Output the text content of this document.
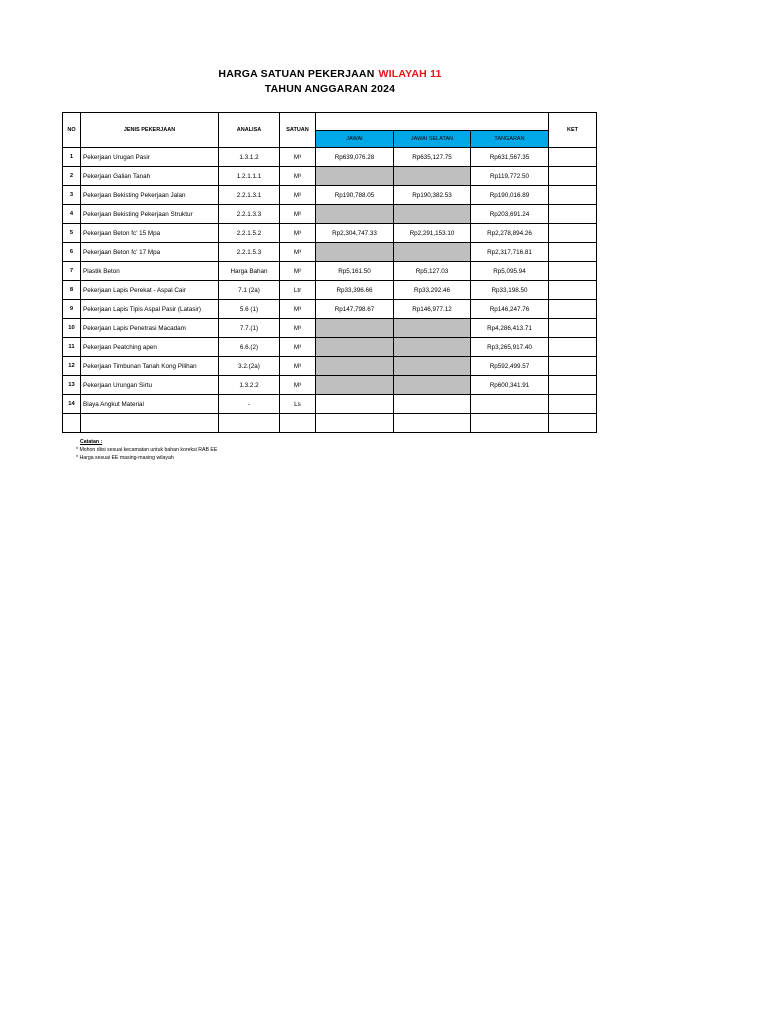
HARGA SATUAN PEKERJAAN WILAYAH 11
TAHUN ANGGARAN 2024
NO	JENIS PEKERJAAN	ANALISA	SATUAN				KET
				JAWAI	JAWAI SELATAN	TANGARAN	
1	Pekerjaan Urugan Pasir	1.3.1.2	M³	Rp639,076.28	Rp635,127.75	Rp631,567.35	
2	Pekerjaan Galian Tanah	1.2.1.1.1	M³			Rp119,772.50	
3	Pekerjaan Bekisting Pekerjaan Jalan	2.2.1.3.1	M²	Rp190,788.05	Rp190,382.53	Rp190,016.89	
4	Pekerjaan Bekisting Pekerjaan Struktur	2.2.1.3.3	M²			Rp203,691.24	
5	Pekerjaan Beton fc' 15 Mpa	2.2.1.5.2	M³	Rp2,304,747.33	Rp2,291,153.10	Rp2,278,894.26	
6	Pekerjaan Beton fc' 17 Mpa	2.2.1.5.3	M³			Rp2,317,716.81	
7	Plastik Beton	Harga Bahan	M²	Rp5,161.50	Rp5,127.03	Rp5,095.94	
8	Pekerjaan Lapis Perekat - Aspal Cair	7.1 (2a)	Ltr	Rp33,396.66	Rp33,292.46	Rp33,198.50	
9	Pekerjaan Lapis Tipis Aspal Pasir (Latasir)	5.6 (1)	M³	Rp147,798.67	Rp146,977.12	Rp146,247.76	
10	Pekerjaan Lapis Penetrasi Macadam	7.7.(1)	M³			Rp4,286,413.71	
11	Pekerjaan Peatching apen	6.6.(2)	M³			Rp3,265,917.40	
12	Pekerjaan Timbunan Tanah Kong Pilihan	3.2.(2a)	M³			Rp592,499.57	
13	Pekerjaan Urungan Sirtu	1.3.2.2	M³			Rp600,341.91	
14	Biaya Angkut Material	-	Ls				

Catatan :
* Mohon diisi sesuai kecamatan untuk bahan koreksi RAB EE
* Harga sesuai EE masing-masing wilayah
